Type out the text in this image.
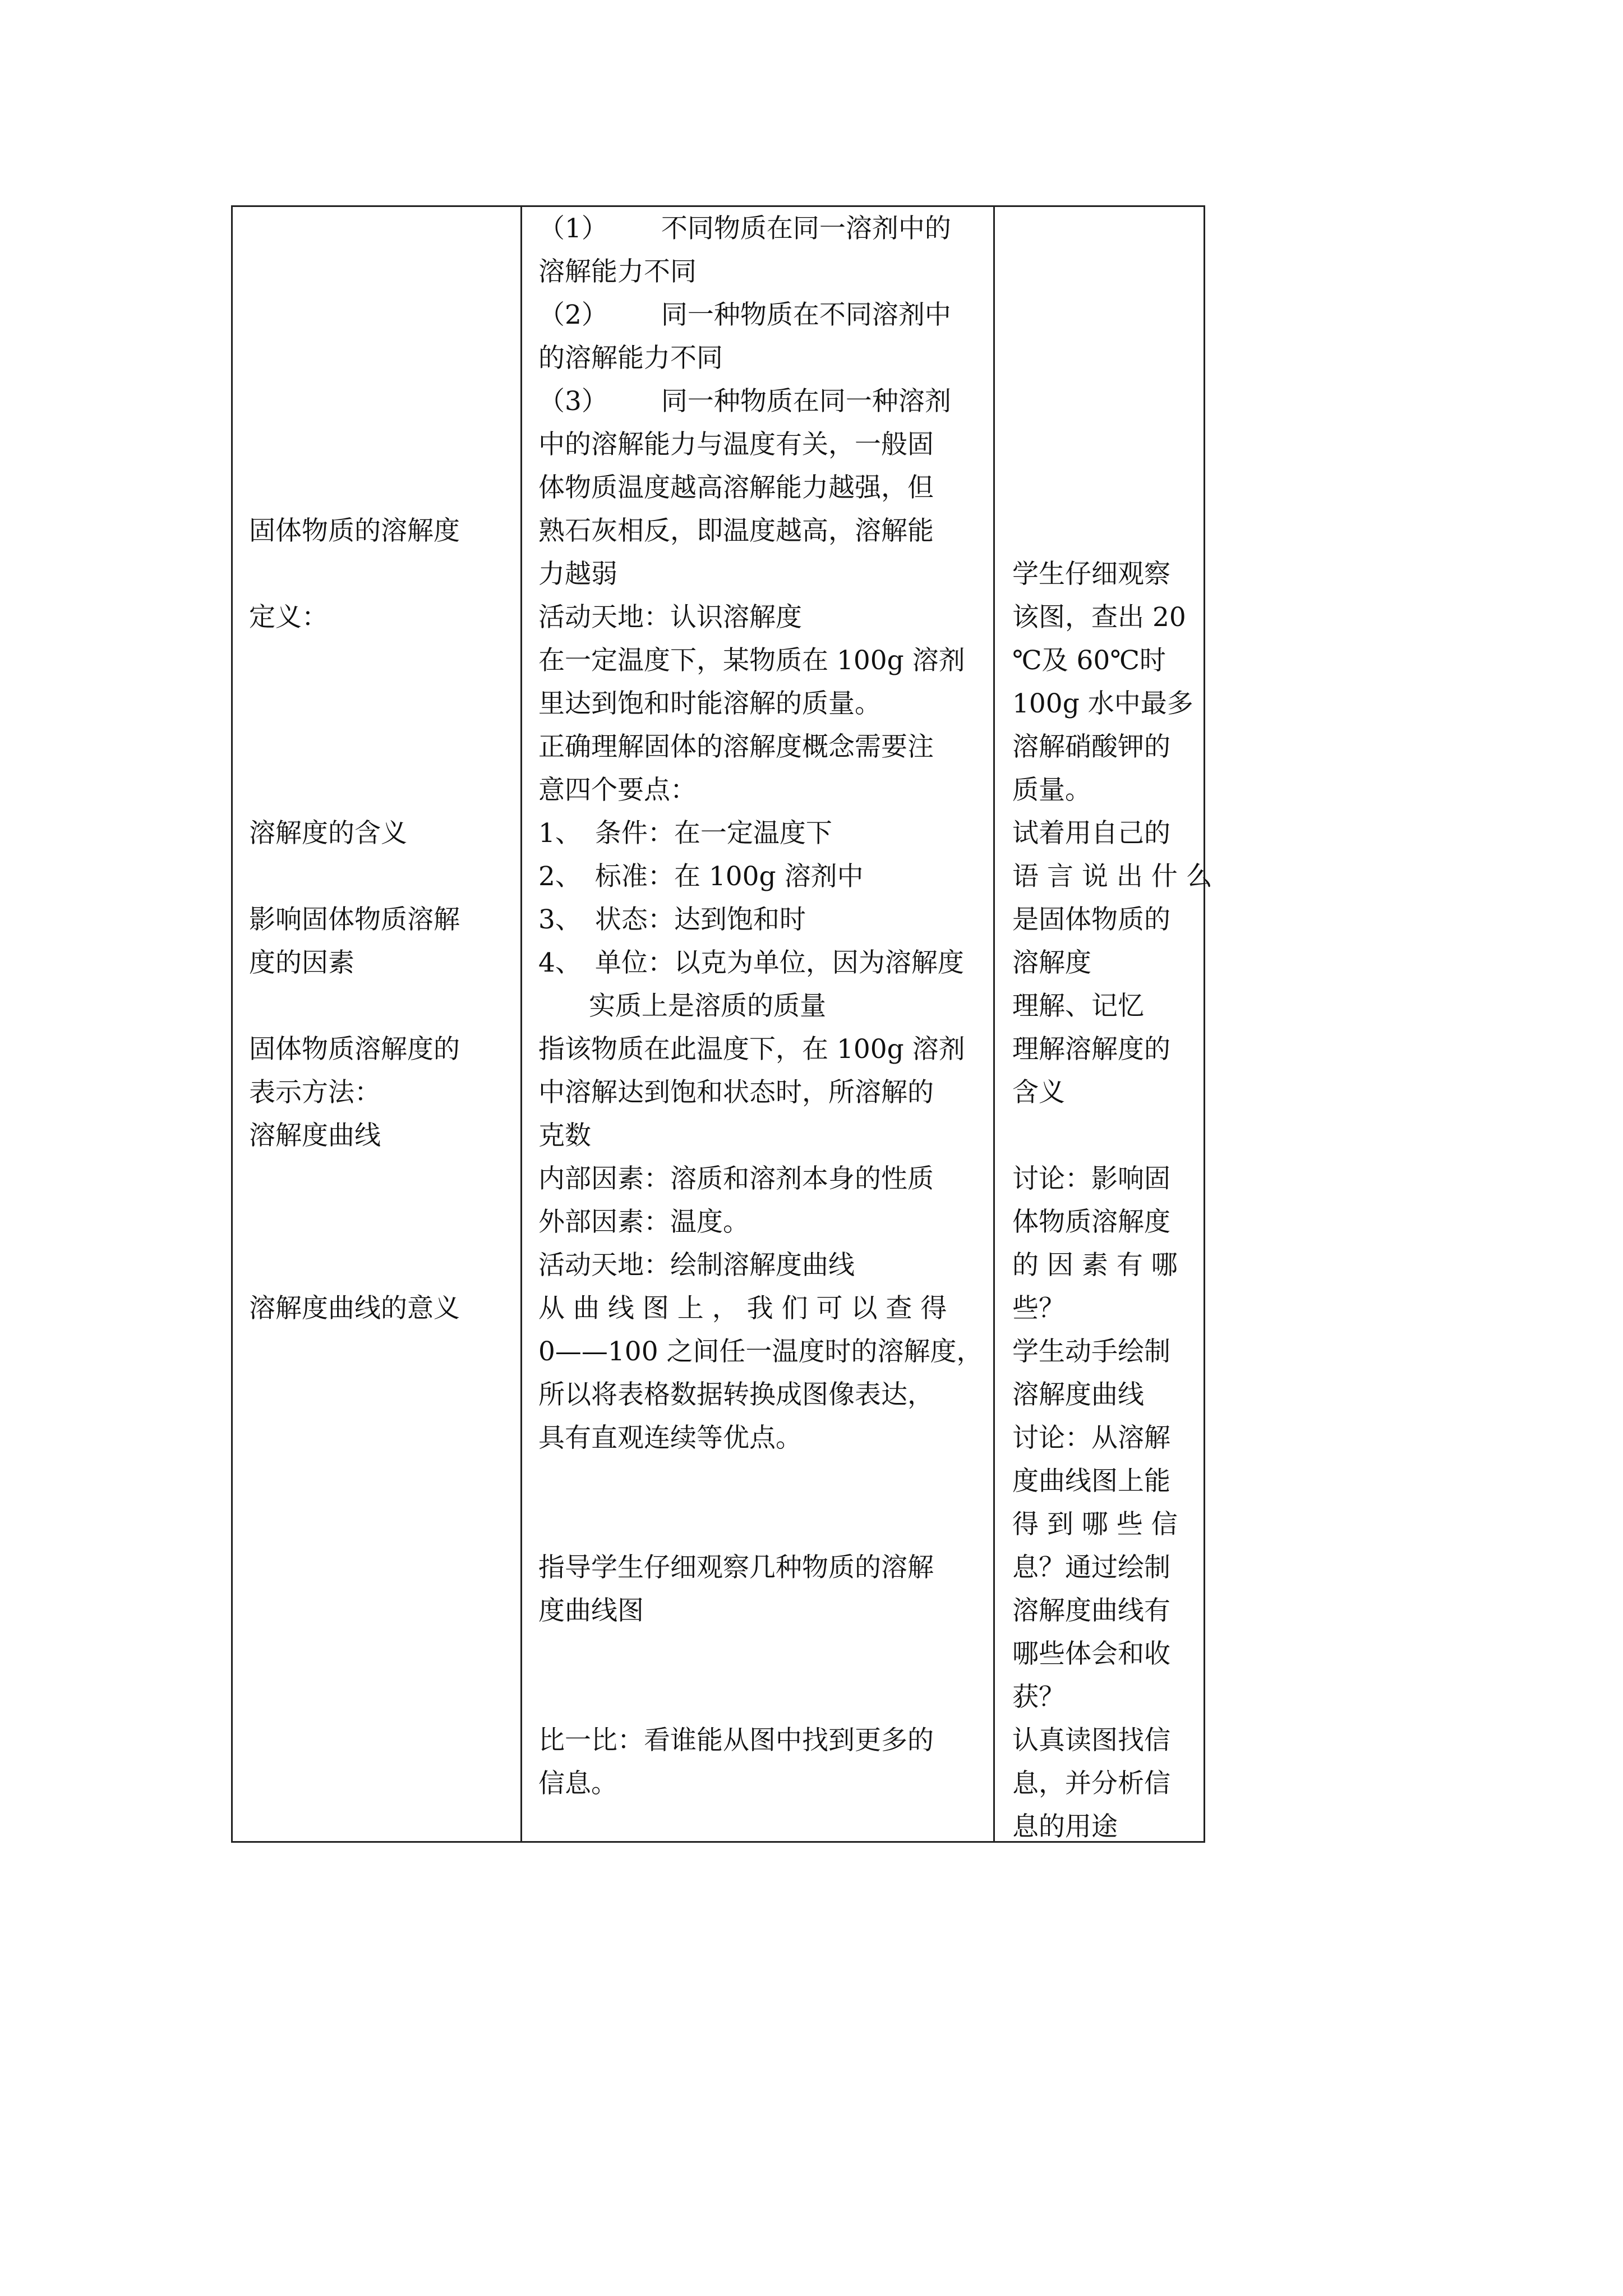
固体物质的溶解度
定义：
溶解度的含义
影响固体物质溶解
度的因素
固体物质溶解度的
表示方法：
溶解度曲线
溶解度曲线的意义
（1） 不同物质在同一溶剂中的
溶解能力不同
（2） 同一种物质在不同溶剂中
的溶解能力不同
（3） 同一种物质在同一种溶剂
中的溶解能力与温度有关，一般固
体物质温度越高溶解能力越强，但
熟石灰相反，即温度越高，溶解能
力越弱
活动天地：认识溶解度
在一定温度下，某物质在 100g 溶剂
里达到饱和时能溶解的质量。
正确理解固体的溶解度概念需要注
意四个要点：
1、 条件：在一定温度下
2、 标准：在 100g 溶剂中
3、 状态：达到饱和时
4、 单位：以克为单位，因为溶解度
实质上是溶质的质量
指该物质在此温度下，在 100g 溶剂
中溶解达到饱和状态时，所溶解的
克数
内部因素：溶质和溶剂本身的性质
外部因素：温度。
活动天地：绘制溶解度曲线
从 曲 线 图 上 ， 我 们 可 以 查 得
0——100 之间任一温度时的溶解度，
所以将表格数据转换成图像表达，
具有直观连续等优点。
指导学生仔细观察几种物质的溶解
度曲线图
比一比：看谁能从图中找到更多的
信息。
学生仔细观察
该图，查出 20
℃及 60℃时
100g 水中最多
溶解硝酸钾的
质量。
试着用自己的
语 言 说 出 什 么
是固体物质的
溶解度
理解、记忆
理解溶解度的
含义
讨论：影响固
体物质溶解度
的 因 素 有 哪
些？
学生动手绘制
溶解度曲线
讨论：从溶解
度曲线图上能
得 到 哪 些 信
息？通过绘制
溶解度曲线有
哪些体会和收
获？
认真读图找信
息，并分析信
息的用途
